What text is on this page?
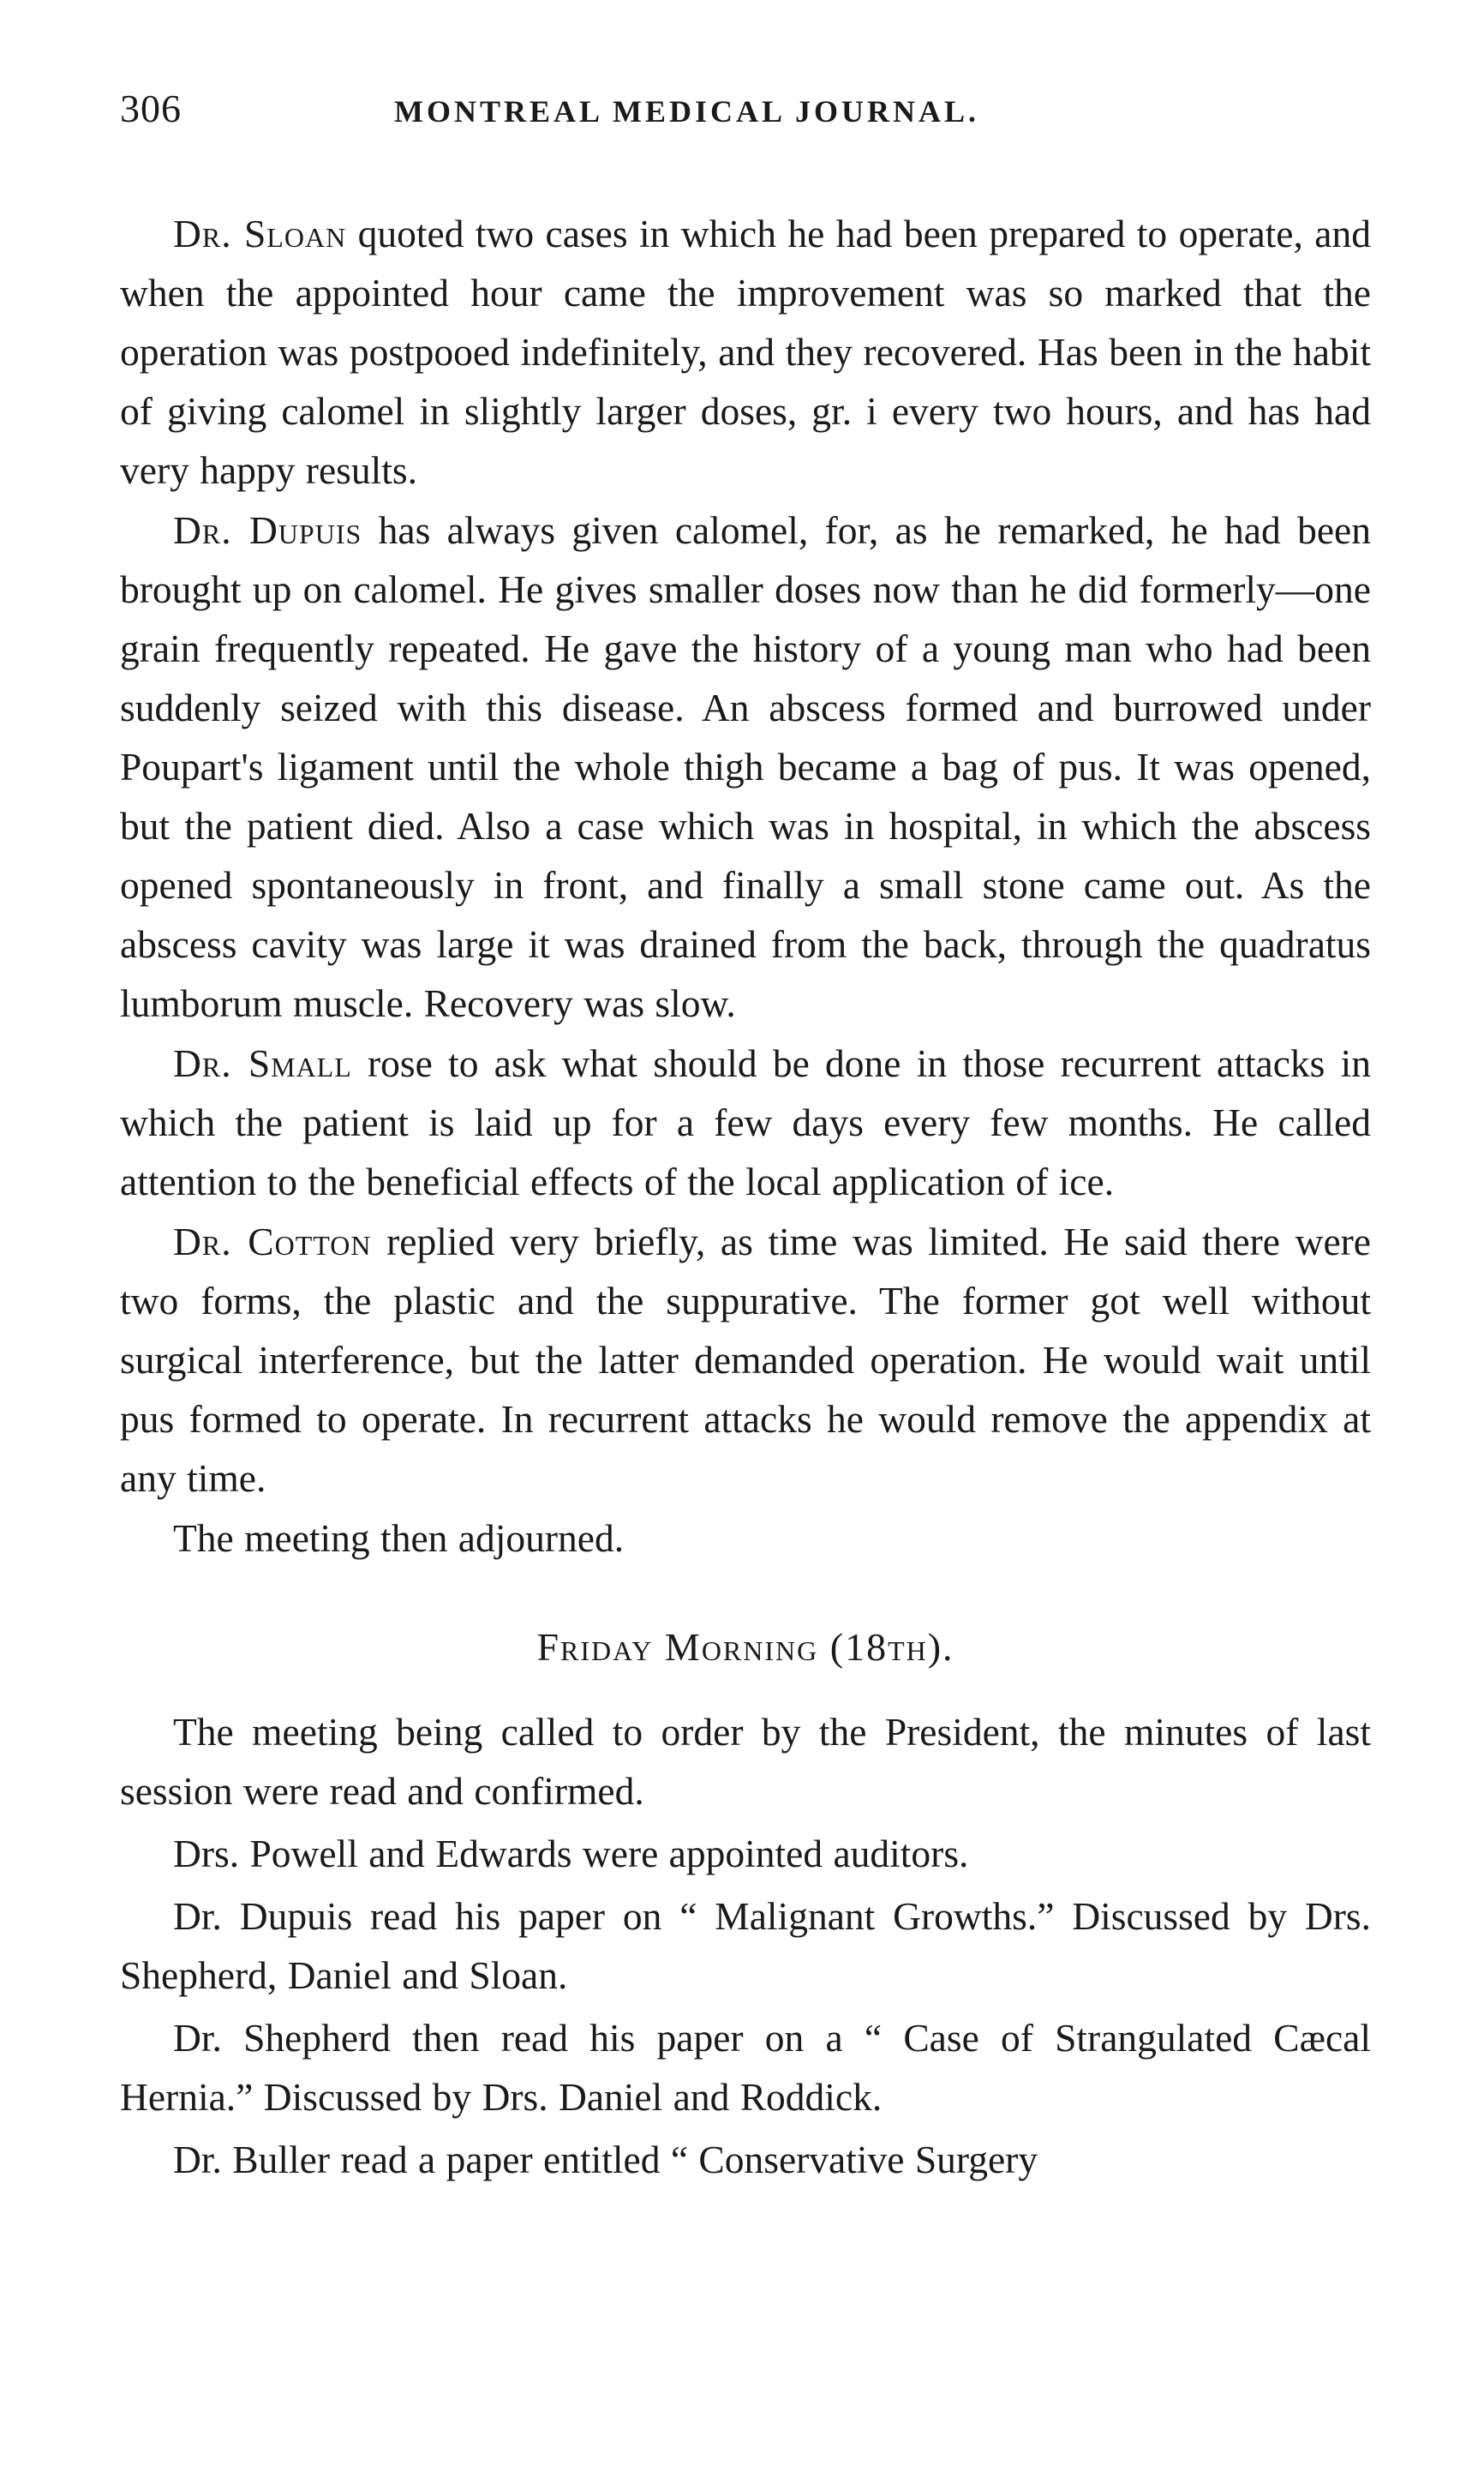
306	MONTREAL MEDICAL JOURNAL.

Dr. Sloan quoted two cases in which he had been prepared to operate, and when the appointed hour came the improvement was so marked that the operation was postpooed indefinitely, and they recovered. Has been in the habit of giving calomel in slightly larger doses, gr. i every two hours, and has had very happy results.

Dr. Dupuis has always given calomel, for, as he remarked, he had been brought up on calomel. He gives smaller doses now than he did formerly—one grain frequently repeated. He gave the history of a young man who had been suddenly seized with this disease. An abscess formed and burrowed under Poupart's ligament until the whole thigh became a bag of pus. It was opened, but the patient died. Also a case which was in hospital, in which the abscess opened spontaneously in front, and finally a small stone came out. As the abscess cavity was large it was drained from the back, through the quadratus lumborum muscle. Recovery was slow.

Dr. Small rose to ask what should be done in those recurrent attacks in which the patient is laid up for a few days every few months. He called attention to the beneficial effects of the local application of ice.

Dr. Cotton replied very briefly, as time was limited. He said there were two forms, the plastic and the suppurative. The former got well without surgical interference, but the latter demanded operation. He would wait until pus formed to operate. In recurrent attacks he would remove the appendix at any time.

The meeting then adjourned.

Friday Morning (18th).

The meeting being called to order by the President, the minutes of last session were read and confirmed.

Drs. Powell and Edwards were appointed auditors.

Dr. Dupuis read his paper on “ Malignant Growths.” Discussed by Drs. Shepherd, Daniel and Sloan.

Dr. Shepherd then read his paper on a “ Case of Strangulated Cæcal Hernia.” Discussed by Drs. Daniel and Roddick.

Dr. Buller read a paper entitled “ Conservative Surgery
